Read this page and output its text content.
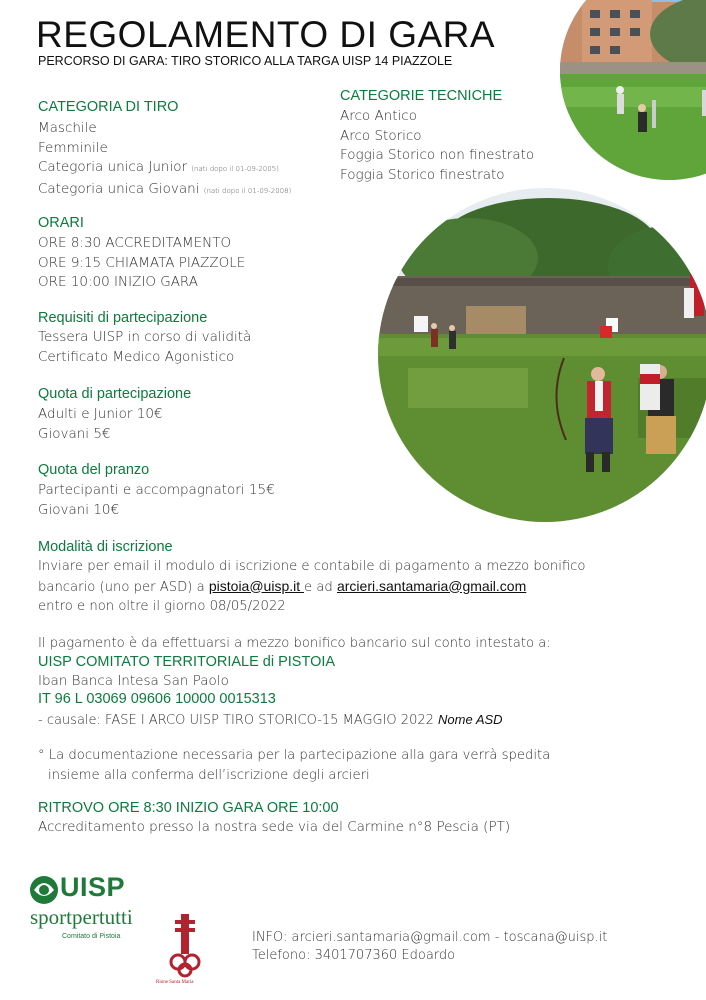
REGOLAMENTO DI GARA
PERCORSO DI GARA: TIRO STORICO ALLA TARGA UISP 14 PIAZZOLE
CATEGORIA DI TIRO
Maschile
Femminile
Categoria unica Junior (nati dopo il 01-09-2005)
Categoria unica Giovani (nati dopo il 01-09-2008)
CATEGORIE TECNICHE
Arco Antico
Arco Storico
Foggia Storico non finestrato
Foggia Storico finestrato
ORARI
ORE 8:30 ACCREDITAMENTO
ORE 9:15 CHIAMATA PIAZZOLE
ORE 10:00 INIZIO GARA
Requisiti di partecipazione
Tessera UISP in corso di validità
Certificato Medico Agonistico
Quota di partecipazione
Adulti e Junior 10€
Giovani 5€
Quota del pranzo
Partecipanti e accompagnatori 15€
Giovani 10€
Modalità di iscrizione
Inviare per email il modulo di iscrizione e contabile di pagamento a mezzo bonifico
bancario (uno per ASD) a pistoia@uisp.it e ad arcieri.santamaria@gmail.com
entro e non oltre il giorno 08/05/2022
Il pagamento è da effettuarsi a mezzo bonifico bancario sul conto intestato a:
UISP COMITATO TERRITORIALE di PISTOIA
Iban Banca Intesa San Paolo
IT 96 L 03069 09606 10000 0015313
- causale: FASE I ARCO UISP TIRO STORICO-15 MAGGIO 2022 Nome ASD
° La documentazione necessaria per la partecipazione alla gara verrà spedita
insieme alla conferma dell’iscrizione degli arcieri
RITROVO ORE 8:30 INIZIO GARA ORE 10:00
Accreditamento presso la nostra sede via del Carmine n°8 Pescia (PT)
UISP
sportpertutti
Comitato di Pistoia
Rione Santa Maria
INFO: arcieri.santamaria@gmail.com - toscana@uisp.it
Telefono: 3401707360 Edoardo
